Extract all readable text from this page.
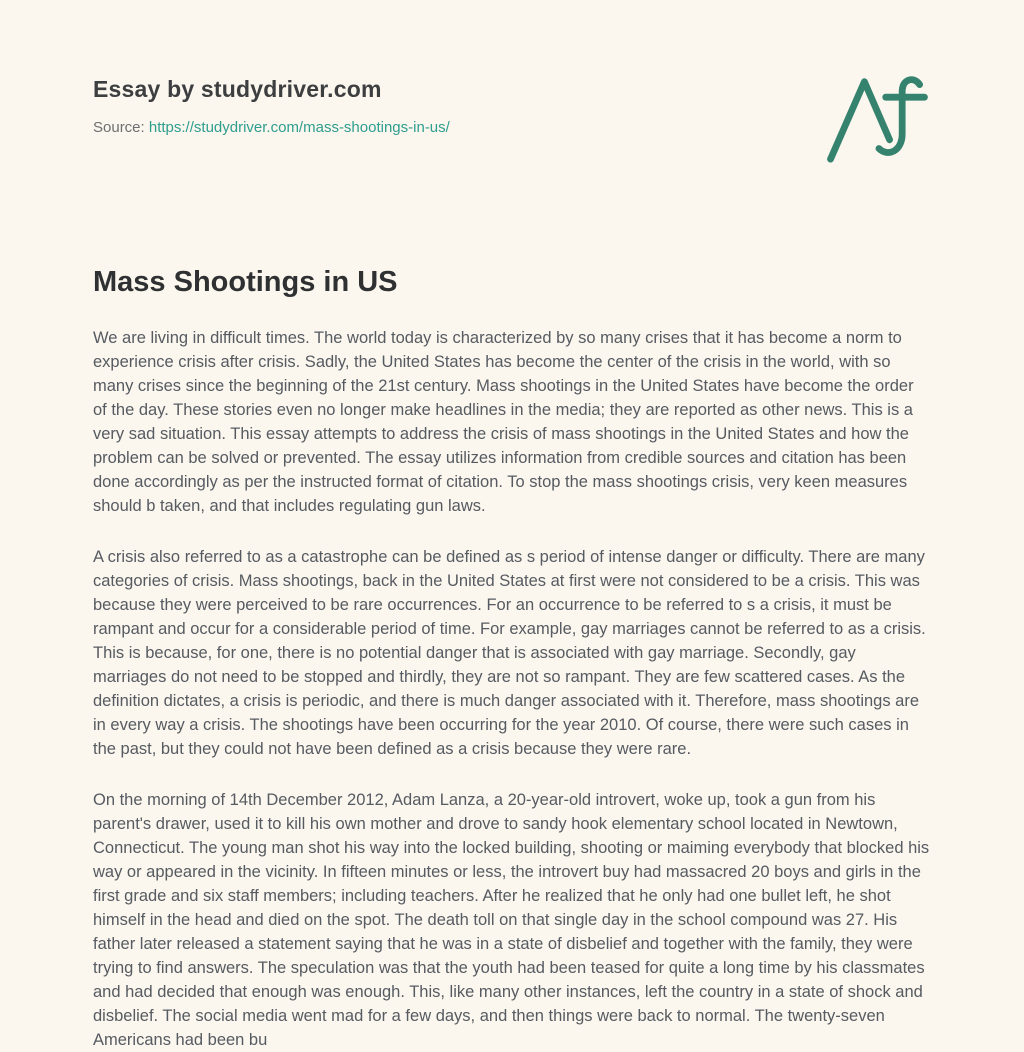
Essay by studydriver.com
Source: https://studydriver.com/mass-shootings-in-us/
Mass Shootings in US

We are living in difficult times. The world today is characterized by so many crises that it has become a norm to experience crisis after crisis. Sadly, the United States has become the center of the crisis in the world, with so many crises since the beginning of the 21st century. Mass shootings in the United States have become the order of the day. These stories even no longer make headlines in the media; they are reported as other news. This is a very sad situation. This essay attempts to address the crisis of mass shootings in the United States and how the problem can be solved or prevented. The essay utilizes information from credible sources and citation has been done accordingly as per the instructed format of citation. To stop the mass shootings crisis, very keen measures should b taken, and that includes regulating gun laws.

A crisis also referred to as a catastrophe can be defined as s period of intense danger or difficulty. There are many categories of crisis. Mass shootings, back in the United States at first were not considered to be a crisis. This was because they were perceived to be rare occurrences. For an occurrence to be referred to s a crisis, it must be rampant and occur for a considerable period of time. For example, gay marriages cannot be referred to as a crisis. This is because, for one, there is no potential danger that is associated with gay marriage. Secondly, gay marriages do not need to be stopped and thirdly, they are not so rampant. They are few scattered cases. As the definition dictates, a crisis is periodic, and there is much danger associated with it. Therefore, mass shootings are in every way a crisis. The shootings have been occurring for the year 2010. Of course, there were such cases in the past, but they could not have been defined as a crisis because they were rare.

On the morning of 14th December 2012, Adam Lanza, a 20-year-old introvert, woke up, took a gun from his parent's drawer, used it to kill his own mother and drove to sandy hook elementary school located in Newtown, Connecticut. The young man shot his way into the locked building, shooting or maiming everybody that blocked his way or appeared in the vicinity. In fifteen minutes or less, the introvert buy had massacred 20 boys and girls in the first grade and six staff members; including teachers. After he realized that he only had one bullet left, he shot himself in the head and died on the spot. The death toll on that single day in the school compound was 27. His father later released a statement saying that he was in a state of disbelief and together with the family, they were trying to find answers. The speculation was that the youth had been teased for quite a long time by his classmates and had decided that enough was enough. This, like many other instances, left the country in a state of shock and disbelief. The social media went mad for a few days, and then things were back to normal. The twenty-seven Americans had been bu
